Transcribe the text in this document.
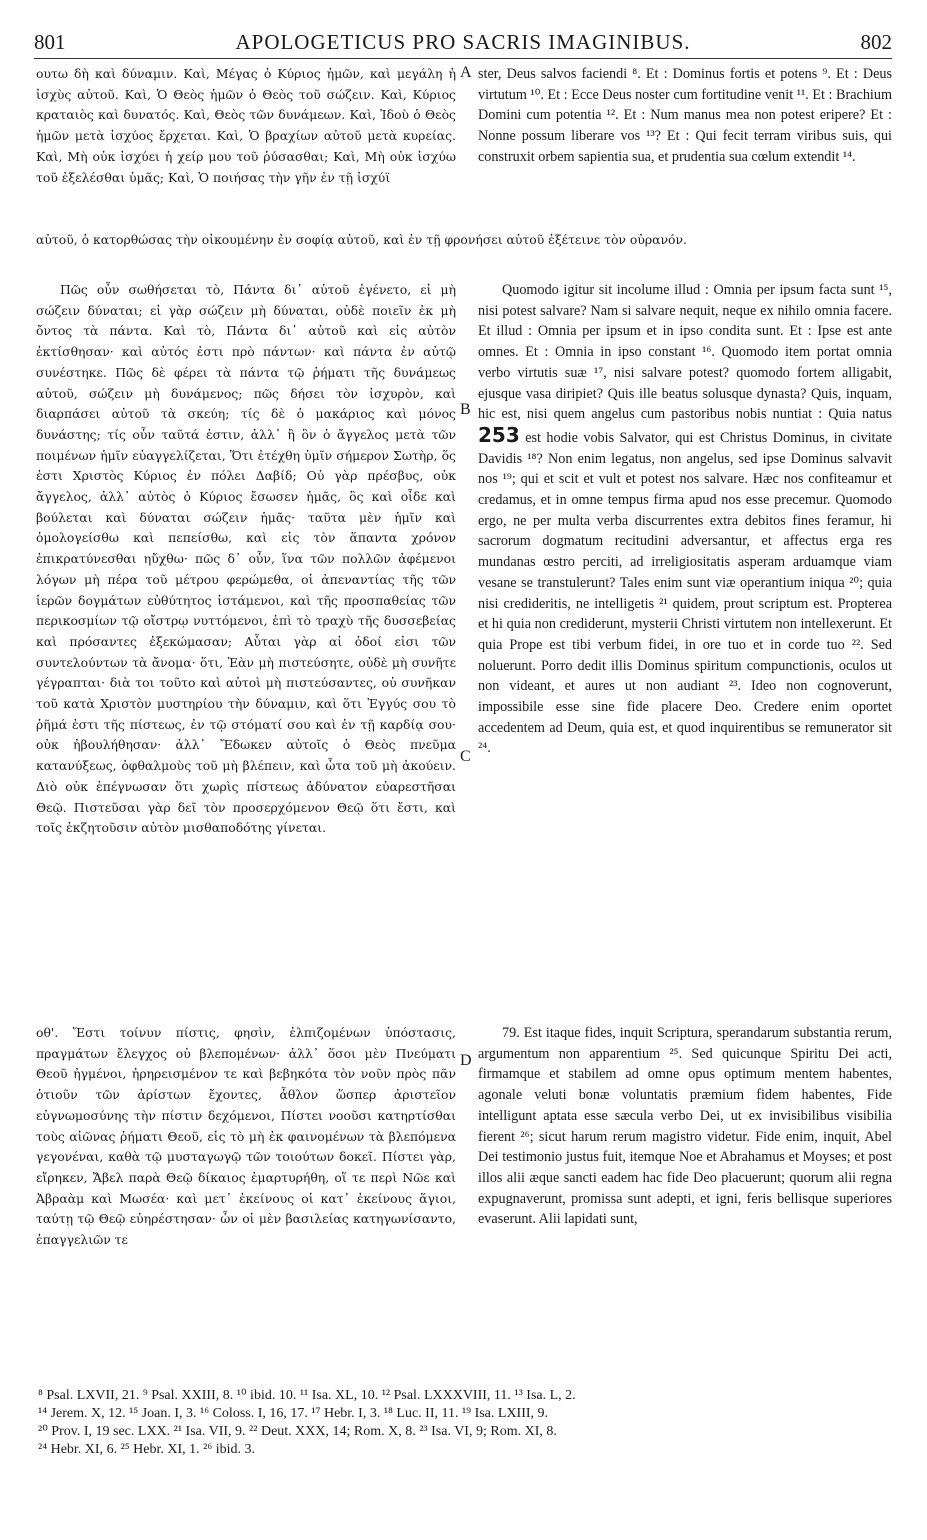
801	APOLOGETICUS PRO SACRIS IMAGINIBUS.	802
A
B
C
D

ουτω δὴ καὶ δύναμιν. Καὶ, Μέγας ὁ Κύριος ἡμῶν, καὶ μεγάλη ἡ ἰσχὺς αὐτοῦ. Καὶ, Ὁ Θεὸς ἡμῶν ὁ Θεὸς τοῦ σώζειν. Καὶ, Κύριος κραταιὸς καὶ δυνατός. Καὶ, Θεὸς τῶν δυνάμεων. Καὶ, Ἰδοὺ ὁ Θεὸς ἡμῶν μετὰ ἰσχύος ἔρχεται. Καὶ, Ὁ βραχίων αὐτοῦ μετὰ κυρείας. Καὶ, Μὴ οὐκ ἰσχύει ἡ χείρ μου τοῦ ῥύσασθαι; Καὶ, Μὴ οὐκ ἰσχύω τοῦ ἐξελέσθαι ὑμᾶς; Καὶ, Ὁ ποιήσας τὴν γῆν ἐν τῇ ἰσχύϊ

ster, Deus salvos faciendi ⁸. Et : Dominus fortis et potens ⁹. Et : Deus virtutum ¹⁰. Et : Ecce Deus noster cum fortitudine venit ¹¹. Et : Brachium Domini cum potentia ¹². Et : Num manus mea non potest eripere? Et : Nonne possum liberare vos ¹³? Et : Qui fecit terram viribus suis, qui construxit orbem sapientia sua, et prudentia sua cœlum extendit ¹⁴.

αὐτοῦ, ὁ κατορθώσας τὴν οἰκουμένην ἐν σοφίᾳ αὐτοῦ, καὶ ἐν τῇ φρονήσει αὐτοῦ ἐξέτεινε τὸν οὐρανόν.

Πῶς οὖν σωθήσεται τὸ, Πάντα δι᾽ αὐτοῦ ἐγένετο, εἰ μὴ σώζειν δύναται; εἰ γὰρ σώζειν μὴ δύναται, οὐδὲ ποιεῖν ἐκ μὴ ὄντος τὰ πάντα. Καὶ τὸ, Πάντα δι᾽ αὐτοῦ καὶ εἰς αὐτὸν ἐκτίσθησαν· καὶ αὐτός ἐστι πρὸ πάντων· καὶ πάντα ἐν αὐτῷ συνέστηκε. Πῶς δὲ φέρει τὰ πάντα τῷ ῥήματι τῆς δυνάμεως αὐτοῦ, σώζειν μὴ δυνάμενος; πῶς δήσει τὸν ἰσχυρὸν, καὶ διαρπάσει αὐτοῦ τὰ σκεύη; τίς δὲ ὁ μακάριος καὶ μόνος δυνάστης; τίς οὖν ταῦτά ἐστιν, ἀλλ᾽ ἢ ὃν ὁ ἄγγελος μετὰ τῶν ποιμένων ἡμῖν εὐαγγελίζεται, Ὅτι ἐτέχθη ὑμῖν σήμερον Σωτὴρ, ὅς ἐστι Χριστὸς Κύριος ἐν πόλει Δαβίδ; Οὐ γὰρ πρέσβυς, οὐκ ἄγγελος, ἀλλ᾽ αὐτὸς ὁ Κύριος ἔσωσεν ἡμᾶς, ὃς καὶ οἶδε καὶ βούλεται καὶ δύναται σώζειν ἡμᾶς· ταῦτα μὲν ἡμῖν καὶ ὁμολογείσθω καὶ πεπείσθω, καὶ εἰς τὸν ἅπαντα χρόνον ἐπικρατύνεσθαι ηὔχθω· πῶς δ᾽ οὖν, ἵνα τῶν πολλῶν ἀφέμενοι λόγων μὴ πέρα τοῦ μέτρου φερώμεθα, οἱ ἀπεναντίας τῆς τῶν ἱερῶν δογμάτων εὐθύτητος ἱστάμενοι, καὶ τῆς προσπαθείας τῶν περικοσμίων τῷ οἴστρῳ νυττόμενοι, ἐπὶ τὸ τραχὺ τῆς δυσσεβείας καὶ πρόσαντες ἐξεκώμασαν; Αὗται γὰρ αἱ ὁδοί εἰσι τῶν συντελούντων τὰ ἄνομα· ὅτι, Ἐὰν μὴ πιστεύσητε, οὐδὲ μὴ συνῆτε γέγραπται· διὰ τοι τοῦτο καὶ αὐτοὶ μὴ πιστεύσαντες, οὐ συνῆκαν τοῦ κατὰ Χριστὸν μυστηρίου τὴν δύναμιν, καὶ ὅτι Ἐγγύς σου τὸ ῥῆμά ἐστι τῆς πίστεως, ἐν τῷ στόματί σου καὶ ἐν τῇ καρδίᾳ σου· οὐκ ἠβουλήθησαν· ἀλλ᾽ Ἔδωκεν αὐτοῖς ὁ Θεὸς πνεῦμα κατανύξεως, ὀφθαλμοὺς τοῦ μὴ βλέπειν, καὶ ὦτα τοῦ μὴ ἀκούειν. Διὸ οὐκ ἐπέγνωσαν ὅτι χωρὶς πίστεως ἀδύνατον εὐαρεστῆσαι Θεῷ. Πιστεῦσαι γὰρ δεῖ τὸν προσερχόμενον Θεῷ ὅτι ἔστι, καὶ τοῖς ἐκζητοῦσιν αὐτὸν μισθαποδότης γίνεται.

Quomodo igitur sit incolume illud : Omnia per ipsum facta sunt ¹⁵, nisi potest salvare? Nam si salvare nequit, neque ex nihilo omnia facere. Et illud : Omnia per ipsum et in ipso condita sunt. Et : Ipse est ante omnes. Et : Omnia in ipso constant ¹⁶. Quomodo item portat omnia verbo virtutis suæ ¹⁷, nisi salvare potest? quomodo fortem alligabit, ejusque vasa diripiet? Quis ille beatus solusque dynasta? Quis, inquam, hic est, nisi quem angelus cum pastoribus nobis nuntiat : Quia natus 253 est hodie vobis Salvator, qui est Christus Dominus, in civitate Davidis ¹⁸? Non enim legatus, non angelus, sed ipse Dominus salvavit nos ¹⁹; qui et scit et vult et potest nos salvare. Hæc nos confiteamur et credamus, et in omne tempus firma apud nos esse precemur. Quomodo ergo, ne per multa verba discurrentes extra debitos fines feramur, hi sacrorum dogmatum recitudini adversantur, et affectus erga res mundanas œstro perciti, ad irreligiositatis asperam arduamque viam vesane se transtulerunt? Tales enim sunt viæ operantium iniqua ²⁰; quia nisi credideritis, ne intelligetis ²¹ quidem, prout scriptum est. Propterea et hi quia non crediderunt, mysterii Christi virtutem non intellexerunt. Et quia Prope est tibi verbum fidei, in ore tuo et in corde tuo ²². Sed noluerunt. Porro dedit illis Dominus spiritum compunctionis, oculos ut non videant, et aures ut non audiant ²³. Ideo non cognoverunt, impossibile esse sine fide placere Deo. Credere enim oportet accedentem ad Deum, quia est, et quod inquirentibus se remunerator sit ²⁴.

οθ'. Ἔστι τοίνυν πίστις, φησὶν, ἐλπιζομένων ὑπόστασις, πραγμάτων ἔλεγχος οὐ βλεπομένων· ἀλλ᾽ ὅσοι μὲν Πνεύματι Θεοῦ ἠγμένοι, ἠρηρεισμένον τε καὶ βεβηκότα τὸν νοῦν πρὸς πᾶν ὁτιοῦν τῶν ἀρίστων ἔχοντες, ἆθλον ὥσπερ ἀριστεῖον εὐγνωμοσύνης τὴν πίστιν δεχόμενοι, Πίστει νοοῦσι κατηρτίσθαι τοὺς αἰῶνας ῥήματι Θεοῦ, εἰς τὸ μὴ ἐκ φαινομένων τὰ βλεπόμενα γεγονέναι, καθὰ τῷ μυσταγωγῷ τῶν τοιούτων δοκεῖ. Πίστει γὰρ, εἴρηκεν, Ἄβελ παρὰ Θεῷ δίκαιος ἐμαρτυρήθη, οἵ τε περὶ Νῶε καὶ Ἀβραὰμ καὶ Μωσέα· καὶ μετ᾽ ἐκείνους οἱ κατ᾽ ἐκείνους ἅγιοι, ταύτῃ τῷ Θεῷ εὐηρέστησαν· ὧν οἱ μὲν βασιλείας κατηγωνίσαντο, ἐπαγγελιῶν τε

79. Est itaque fides, inquit Scriptura, sperandarum substantia rerum, argumentum non apparentium ²⁵. Sed quicunque Spiritu Dei acti, firmamque et stabilem ad omne opus optimum mentem habentes, agonale veluti bonæ voluntatis præmium fidem habentes, Fide intelligunt aptata esse sæcula verbo Dei, ut ex invisibilibus visibilia fierent ²⁶; sicut harum rerum magistro videtur. Fide enim, inquit, Abel Dei testimonio justus fuit, itemque Noe et Abrahamus et Moyses; et post illos alii æque sancti eadem hac fide Deo placuerunt; quorum alii regna expugnaverunt, promissa sunt adepti, et igni, feris bellisque superiores evaserunt. Alii lapidati sunt,

⁸ Psal. LXVII, 21. ⁹ Psal. XXIII, 8. ¹⁰ ibid. 10. ¹¹ Isa. XL, 10. ¹² Psal. LXXXVIII, 11. ¹³ Isa. L, 2.
¹⁴ Jerem. X, 12. ¹⁵ Joan. I, 3. ¹⁶ Coloss. I, 16, 17. ¹⁷ Hebr. I, 3. ¹⁸ Luc. II, 11. ¹⁹ Isa. LXIII, 9.
²⁰ Prov. I, 19 sec. LXX. ²¹ Isa. VII, 9. ²² Deut. XXX, 14; Rom. X, 8. ²³ Isa. VI, 9; Rom. XI, 8.
²⁴ Hebr. XI, 6. ²⁵ Hebr. XI, 1. ²⁶ ibid. 3.
